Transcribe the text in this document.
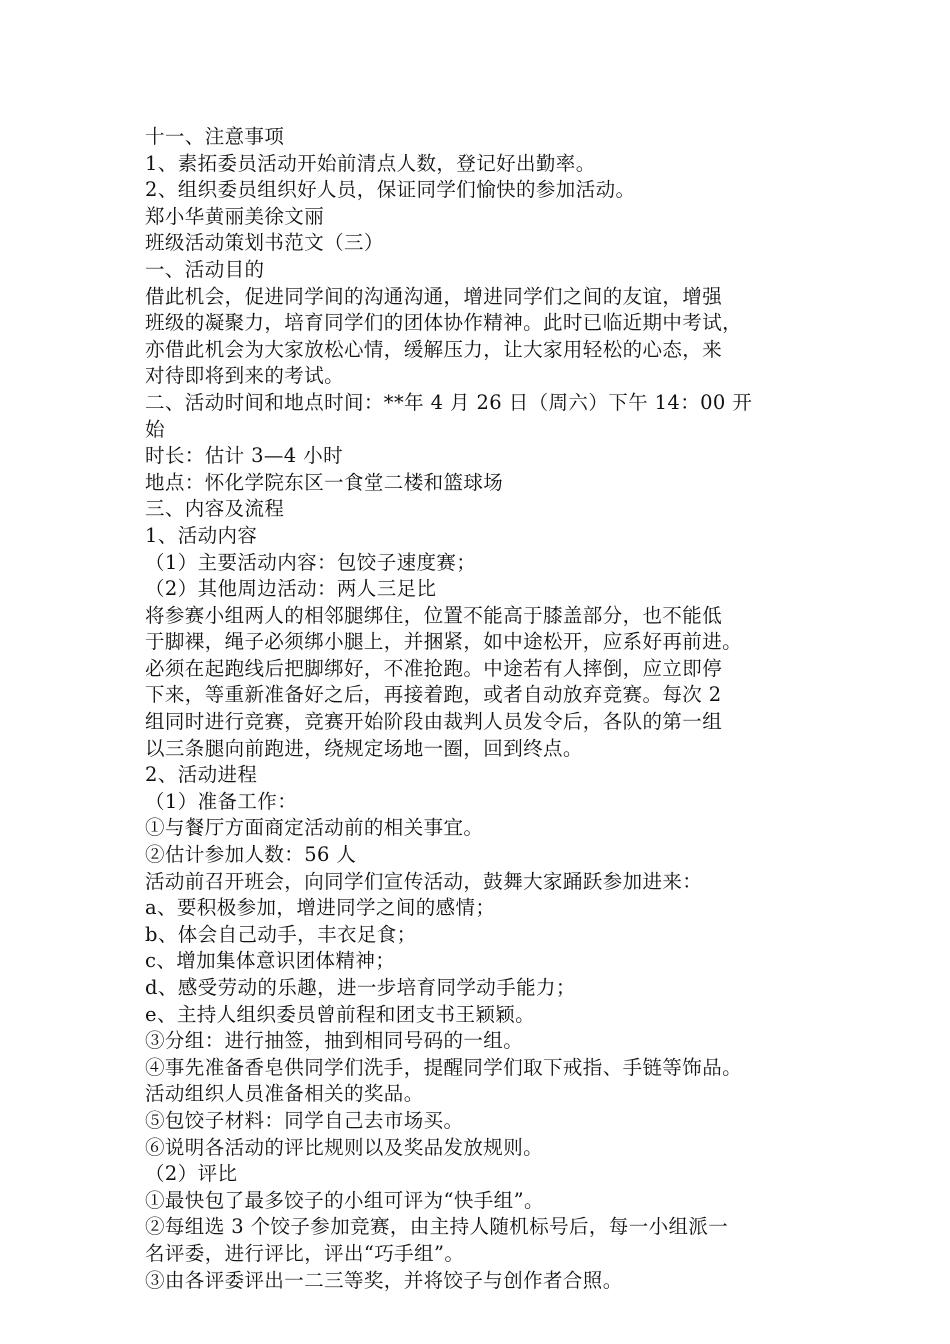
十一、注意事项
1、素拓委员活动开始前清点人数，登记好出勤率。
2、组织委员组织好人员，保证同学们愉快的参加活动。
郑小华黄丽美徐文丽
班级活动策划书范文（三）
一、活动目的
借此机会，促进同学间的沟通沟通，增进同学们之间的友谊，增强
班级的凝聚力，培育同学们的团体协作精神。此时已临近期中考试，
亦借此机会为大家放松心情，缓解压力，让大家用轻松的心态，来
对待即将到来的考试。
二、活动时间和地点时间：**年 4 月 26 日（周六）下午 14：00 开
始
时长：估计 3—4 小时
地点：怀化学院东区一食堂二楼和篮球场
三、内容及流程
1、活动内容
（1）主要活动内容：包饺子速度赛；
（2）其他周边活动：两人三足比
将参赛小组两人的相邻腿绑住，位置不能高于膝盖部分，也不能低
于脚裸，绳子必须绑小腿上，并捆紧，如中途松开，应系好再前进。
必须在起跑线后把脚绑好，不准抢跑。中途若有人摔倒，应立即停
下来，等重新准备好之后，再接着跑，或者自动放弃竞赛。每次 2
组同时进行竞赛，竞赛开始阶段由裁判人员发令后，各队的第一组
以三条腿向前跑进，绕规定场地一圈，回到终点。
2、活动进程
（1）准备工作：
①与餐厅方面商定活动前的相关事宜。
②估计参加人数：56 人
活动前召开班会，向同学们宣传活动，鼓舞大家踊跃参加进来：
a、要积极参加，增进同学之间的感情；
b、体会自己动手，丰衣足食；
c、增加集体意识团体精神；
d、感受劳动的乐趣，进一步培育同学动手能力；
e、主持人组织委员曾前程和团支书王颖颖。
③分组：进行抽签，抽到相同号码的一组。
④事先准备香皂供同学们洗手，提醒同学们取下戒指、手链等饰品。
活动组织人员准备相关的奖品。
⑤包饺子材料：同学自己去市场买。
⑥说明各活动的评比规则以及奖品发放规则。
（2）评比
①最快包了最多饺子的小组可评为“快手组”。
②每组选 3 个饺子参加竞赛，由主持人随机标号后，每一小组派一
名评委，进行评比，评出“巧手组”。
③由各评委评出一二三等奖，并将饺子与创作者合照。
